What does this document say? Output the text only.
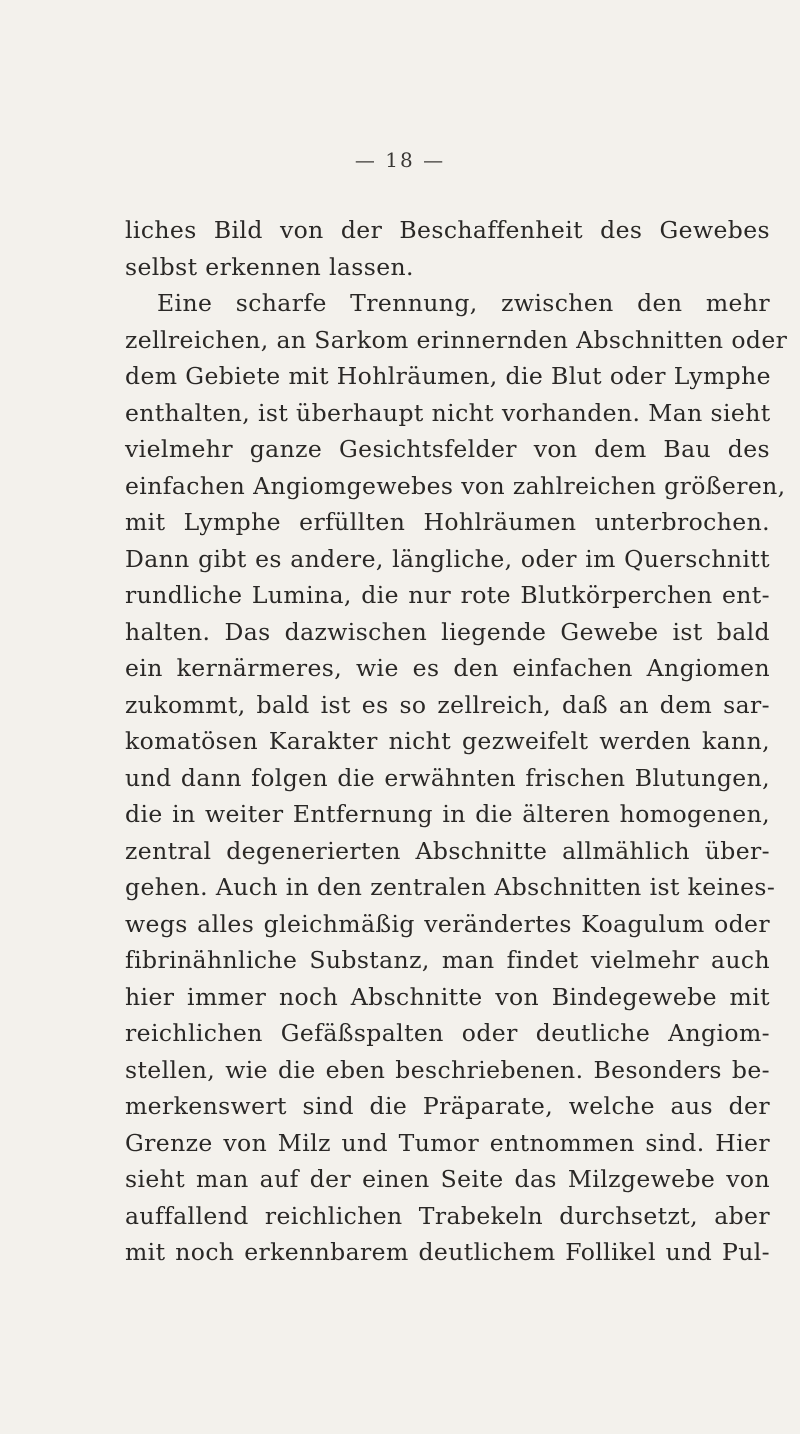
— 18 —
liches Bild von der Beschaffenheit des Gewebes
selbst erkennen lassen.
Eine scharfe Trennung, zwischen den mehr
zellreichen, an Sarkom erinnernden Abschnitten oder
dem Gebiete mit Hohlräumen, die Blut oder Lymphe
enthalten, ist überhaupt nicht vorhanden. Man sieht
vielmehr ganze Gesichtsfelder von dem Bau des
einfachen Angiomgewebes von zahlreichen größeren,
mit Lymphe erfüllten Hohlräumen unterbrochen.
Dann gibt es andere, längliche, oder im Querschnitt
rundliche Lumina, die nur rote Blutkörperchen ent-
halten. Das dazwischen liegende Gewebe ist bald
ein kernärmeres, wie es den einfachen Angiomen
zukommt, bald ist es so zellreich, daß an dem sar-
komatösen Karakter nicht gezweifelt werden kann,
und dann folgen die erwähnten frischen Blutungen,
die in weiter Entfernung in die älteren homogenen,
zentral degenerierten Abschnitte allmählich über-
gehen. Auch in den zentralen Abschnitten ist keines-
wegs alles gleichmäßig verändertes Koagulum oder
fibrinähnliche Substanz, man findet vielmehr auch
hier immer noch Abschnitte von Bindegewebe mit
reichlichen Gefäßspalten oder deutliche Angiom-
stellen, wie die eben beschriebenen. Besonders be-
merkenswert sind die Präparate, welche aus der
Grenze von Milz und Tumor entnommen sind. Hier
sieht man auf der einen Seite das Milzgewebe von
auffallend reichlichen Trabekeln durchsetzt, aber
mit noch erkennbarem deutlichem Follikel und Pul-
